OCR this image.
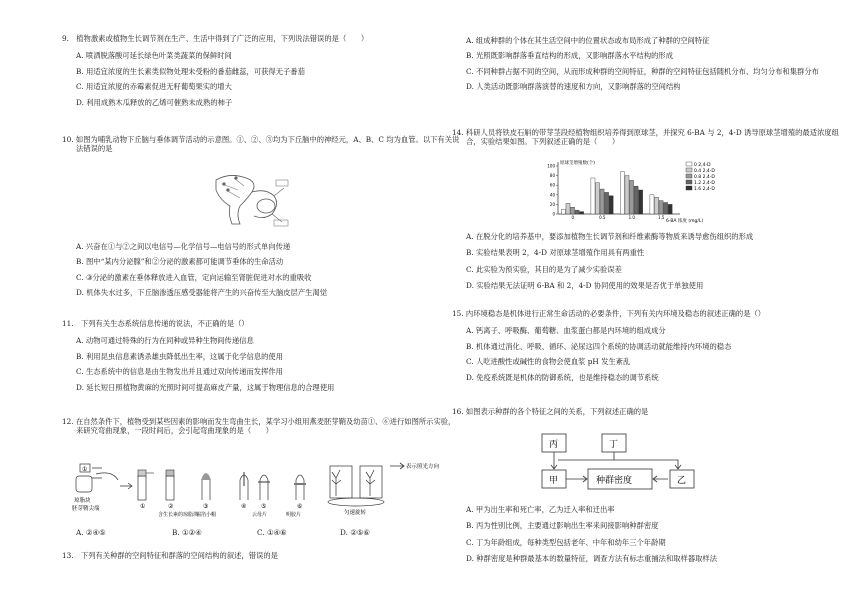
9.　植物激素或植物生长调节剂在生产、生活中得到了广泛的应用，下列说法错误的是（　　）

A. 喷洒脱落酸可延长绿色叶菜类蔬菜的保鲜时间

B. 用适宜浓度的生长素类似物处理未受粉的番茄雌蕊，可获得无子番茄

C. 用适宜浓度的赤霉素促进无籽葡萄果实的增大

D. 利用成熟木瓜释放的乙烯可催熟未成熟的柿子

10. 如图为哺乳动物下丘脑与垂体调节活动的示意图。①、②、③均为下丘脑中的神经元，A、B、C 均为血管。以下有关说法错误的是

A. 兴奋在①与②之间以电信号—化学信号—电信号的形式单向传递

B. 图中“某内分泌腺”和②分泌的激素都可能调节垂体的生命活动

C. ③分泌的激素在垂体释放进入血管，定向运输至肾脏促进对水的重吸收

D. 机体失水过多，下丘脑渗透压感受器能将产生的兴奋传至大脑皮层产生渴觉

11.　下列有关生态系统信息传递的说法，不正确的是（）

A. 动物可通过特殊的行为在同种或异种生物间传递信息

B. 利用昆虫信息素诱杀雄虫降低出生率，这属于化学信息的使用

C. 生态系统中的信息是由生物发出并且通过双向传递而发挥作用

D. 延长短日照植物黄麻的光照时间可提高麻皮产量，这属于物理信息的合理使用

12. 在自然条件下，植物受到某些因素的影响而发生弯曲生长，某学习小组用燕麦胚芽鞘及幼苗①、⑥进行如图所示实验，来研究弯曲现象，一段时间后，会引起弯曲现象的是（　　）

①
琼脂块
胚芽鞘尖端	①	②
含生长素的琼脂块
③
锡箔小帽
④ ⑤
云母片
⑥
明胶片	匀速旋转
表示照光方向
A. ②④⑤	B. ①②④	C. ①④⑥	D. ②⑤⑥

13.　下列有关种群的空间特征和群落的空间结构的叙述，错误的是

A. 组成种群的个体在其生活空间中的位置状态或布局形成了种群的空间特征

B. 光照既影响群落垂直结构的形成，又影响群落水平结构的形成

C. 不同种群占据不同的空间，从而形成种群的空间特征，种群的空间特征包括随机分布、均匀分布和集群分布

D. 人类活动既影响群落演替的速度和方向，又影响群落的空间结构

14. 科研人员将铁皮石斛的带芽茎段经植物组织培养得到原球茎，并探究 6-BA 与 2，4-D 诱导原球茎增殖的最适浓度组合，实验结果如图。下列叙述正确的是（　　）

原球茎增殖数(个)
6-BA 浓度 (mg/L)
0
20
40
60
80
100
0	0.5	1.0	1.5
0 2,4-D
0.4 2,4-D
0.8 2,4-D
1.2 2,4-D
1.6 2,4-D

A. 在脱分化的培养基中，要添加植物生长调节剂和纤维素酶等物质来诱导愈伤组织的形成

B. 实验结果表明 2，4-D 对原球茎增殖作用具有两重性

C. 此实验为预实验，其目的是为了减少实验误差

D. 实验结果无法证明 6-BA 和 2，4-D 协同使用的效果是否优于单独使用

15. 内环境稳态是机体进行正常生命活动的必要条件，下列有关内环境及稳态的叙述正确的是（）

A. 钙离子、呼吸酶、葡萄糖、血浆蛋白都是内环境的组成成分

B. 机体通过消化、呼吸、循环、泌尿这四个系统的协调活动就能维持内环境的稳态

C. 人吃进酸性或碱性的食物会使血浆 pH 发生紊乱

D. 免疫系统既是机体的防御系统，也是维持稳态的调节系统

16. 如图表示种群的各个特征之间的关系，下列叙述正确的是

丙	丁
甲	种群密度	乙

A. 甲为出生率和死亡率，乙为迁入率和迁出率

B. 丙为性别比例，主要通过影响出生率来间接影响种群密度

C. 丁为年龄组成，每种类型包括老年、中年和幼年三个年龄期

D. 种群密度是种群最基本的数量特征，调查方法有标志重捕法和取样器取样法
